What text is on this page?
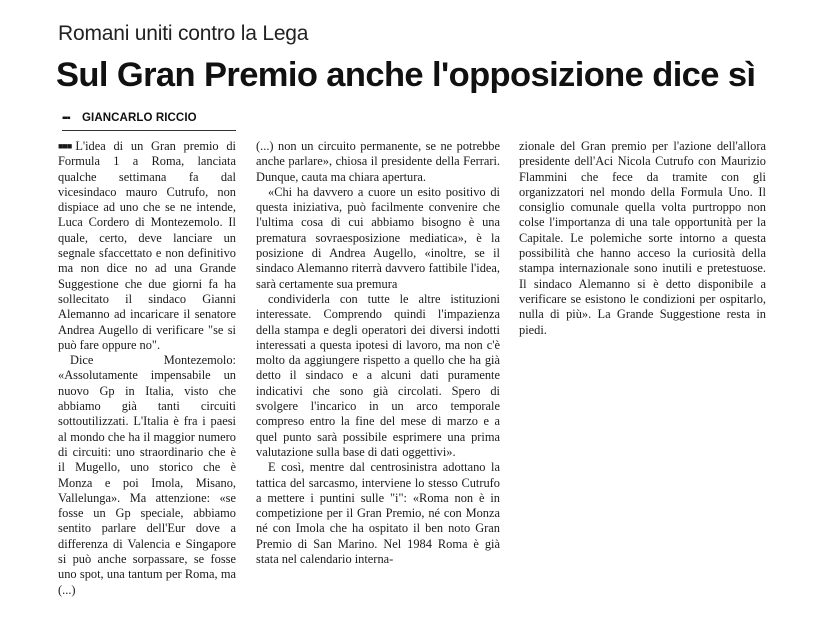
Romani uniti contro la Lega
Sul Gran Premio anche l'opposizione dice sì
▪▪▪ GIANCARLO RICCIO

■■■ L'idea di un Gran premio di Formula 1 a Roma, lanciata qualche settimana fa dal vicesindaco mauro Cutrufo, non dispiace ad uno che se ne intende, Luca Cordero di Montezemolo. Il quale, certo, deve lanciare un segnale sfaccettato e non definitivo ma non dice no ad una Grande Suggestione che due giorni fa ha sollecitato il sindaco Gianni Alemanno ad incaricare il senatore Andrea Augello di verificare "se si può fare oppure no".

Dice Montezemolo: «Assolutamente impensabile un nuovo Gp in Italia, visto che abbiamo già tanti circuiti sottoutilizzati. L'Italia è fra i paesi al mondo che ha il maggior numero di circuiti: uno straordinario che è il Mugello, uno storico che è Monza e poi Imola, Misano, Vallelunga». Ma attenzione: «se fosse un Gp speciale, abbiamo sentito parlare dell'Eur dove a differenza di Valencia e Singapore si può anche sorpassare, se fosse uno spot, una tantum per Roma, ma (...)

(...) non un circuito permanente, se ne potrebbe anche parlare», chiosa il presidente della Ferrari. Dunque, cauta ma chiara apertura.

«Chi ha davvero a cuore un esito positivo di questa iniziativa, può facilmente convenire che l'ultima cosa di cui abbiamo bisogno è una prematura sovraesposizione mediatica», è la posizione di Andrea Augello, «inoltre, se il sindaco Alemanno riterrà davvero fattibile l'idea, sarà certamente sua premura

condividerla con tutte le altre istituzioni interessate. Comprendo quindi l'impazienza della stampa e degli operatori dei diversi indotti interessati a questa ipotesi di lavoro, ma non c'è molto da aggiungere rispetto a quello che ha già detto il sindaco e a alcuni dati puramente indicativi che sono già circolati. Spero di svolgere l'incarico in un arco temporale compreso entro la fine del mese di marzo e a quel punto sarà possibile esprimere una prima valutazione sulla base di dati oggettivi».

E così, mentre dal centrosinistra adottano la tattica del sarcasmo, interviene lo stesso Cutrufo a mettere i puntini sulle "i": «Roma non è in competizione per il Gran Premio, né con Monza né con Imola che ha ospitato il ben noto Gran Premio di San Marino. Nel 1984 Roma è già stata nel calendario interna-

zionale del Gran premio per l'azione dell'allora presidente dell'Aci Nicola Cutrufo con Maurizio Flammini che fece da tramite con gli organizzatori nel mondo della Formula Uno. Il consiglio comunale quella volta purtroppo non colse l'importanza di una tale opportunità per la Capitale. Le polemiche sorte intorno a questa possibilità che hanno acceso la curiosità della stampa internazionale sono inutili e pretestuose. Il sindaco Alemanno si è detto disponibile a verificare se esistono le condizioni per ospitarlo, nulla di più». La Grande Suggestione resta in piedi.
